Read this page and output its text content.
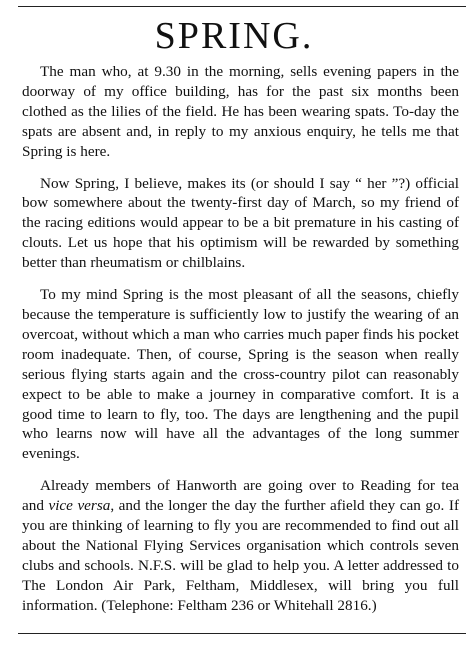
SPRING.

The man who, at 9.30 in the morning, sells evening papers in the doorway of my office building, has for the past six months been clothed as the lilies of the field. He has been wearing spats. To-day the spats are absent and, in reply to my anxious enquiry, he tells me that Spring is here.

Now Spring, I believe, makes its (or should I say “ her ”?) official bow somewhere about the twenty-first day of March, so my friend of the racing editions would appear to be a bit premature in his casting of clouts. Let us hope that his optimism will be rewarded by something better than rheumatism or chilblains.

To my mind Spring is the most pleasant of all the seasons, chiefly because the temperature is sufficiently low to justify the wearing of an overcoat, without which a man who carries much paper finds his pocket room inadequate. Then, of course, Spring is the season when really serious flying starts again and the cross-country pilot can reasonably expect to be able to make a journey in comparative comfort. It is a good time to learn to fly, too. The days are lengthening and the pupil who learns now will have all the advantages of the long summer evenings.

Already members of Hanworth are going over to Reading for tea and vice versa, and the longer the day the further afield they can go. If you are thinking of learning to fly you are recommended to find out all about the National Flying Services organisation which controls seven clubs and schools. N.F.S. will be glad to help you. A letter addressed to The London Air Park, Feltham, Middlesex, will bring you full information. (Telephone: Feltham 236 or Whitehall 2816.)
